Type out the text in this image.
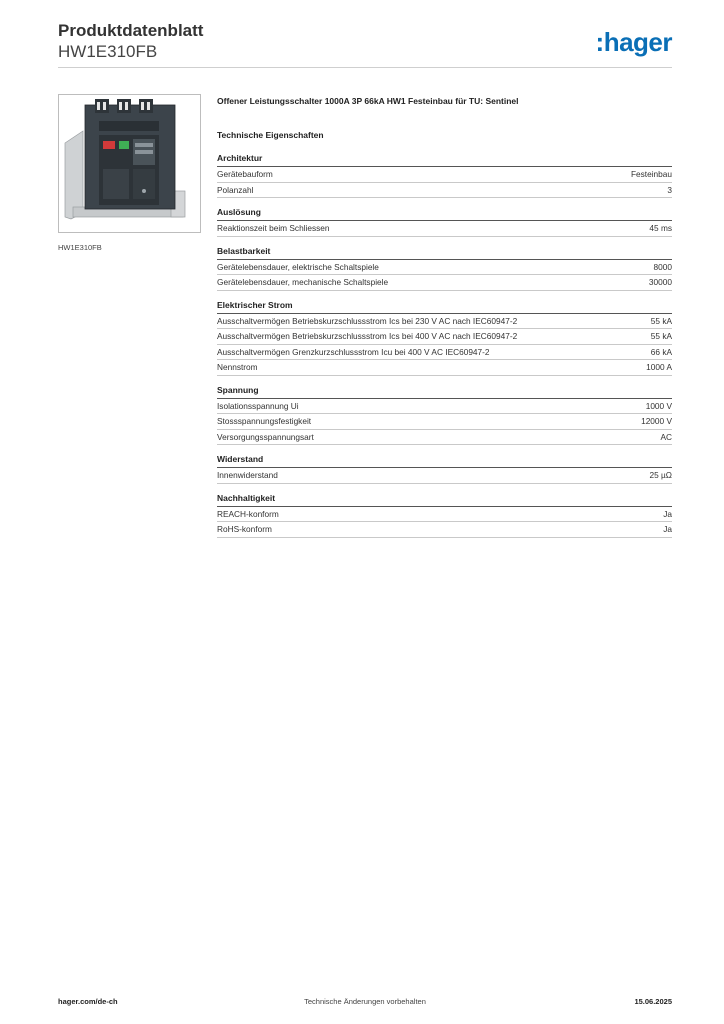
Produktdatenblatt
HW1E310FB	:hager
HW1E310FB
Offener Leistungsschalter 1000A 3P 66kA HW1 Festeinbau für TU: Sentinel
Technische Eigenschaften
Architektur
Gerätebauform	Festeinbau
Polanzahl	3
Auslösung
Reaktionszeit beim Schliessen	45 ms
Belastbarkeit
Gerätelebensdauer, elektrische Schaltspiele	8000
Gerätelebensdauer, mechanische Schaltspiele	30000
Elektrischer Strom
Ausschaltvermögen Betriebskurzschlussstrom Ics bei 230 V AC nach IEC60947-2	55 kA
Ausschaltvermögen Betriebskurzschlussstrom Ics bei 400 V AC nach IEC60947-2	55 kA
Ausschaltvermögen Grenzkurzschlussstrom Icu bei 400 V AC IEC60947-2	66 kA
Nennstrom	1000 A
Spannung
Isolationsspannung Ui	1000 V
Stossspannungsfestigkeit	12000 V
Versorgungsspannungsart	AC
Widerstand
Innenwiderstand	25 µΩ
Nachhaltigkeit
REACH-konform	Ja
RoHS-konform	Ja
hager.com/de-ch	Technische Änderungen vorbehalten	15.06.2025
